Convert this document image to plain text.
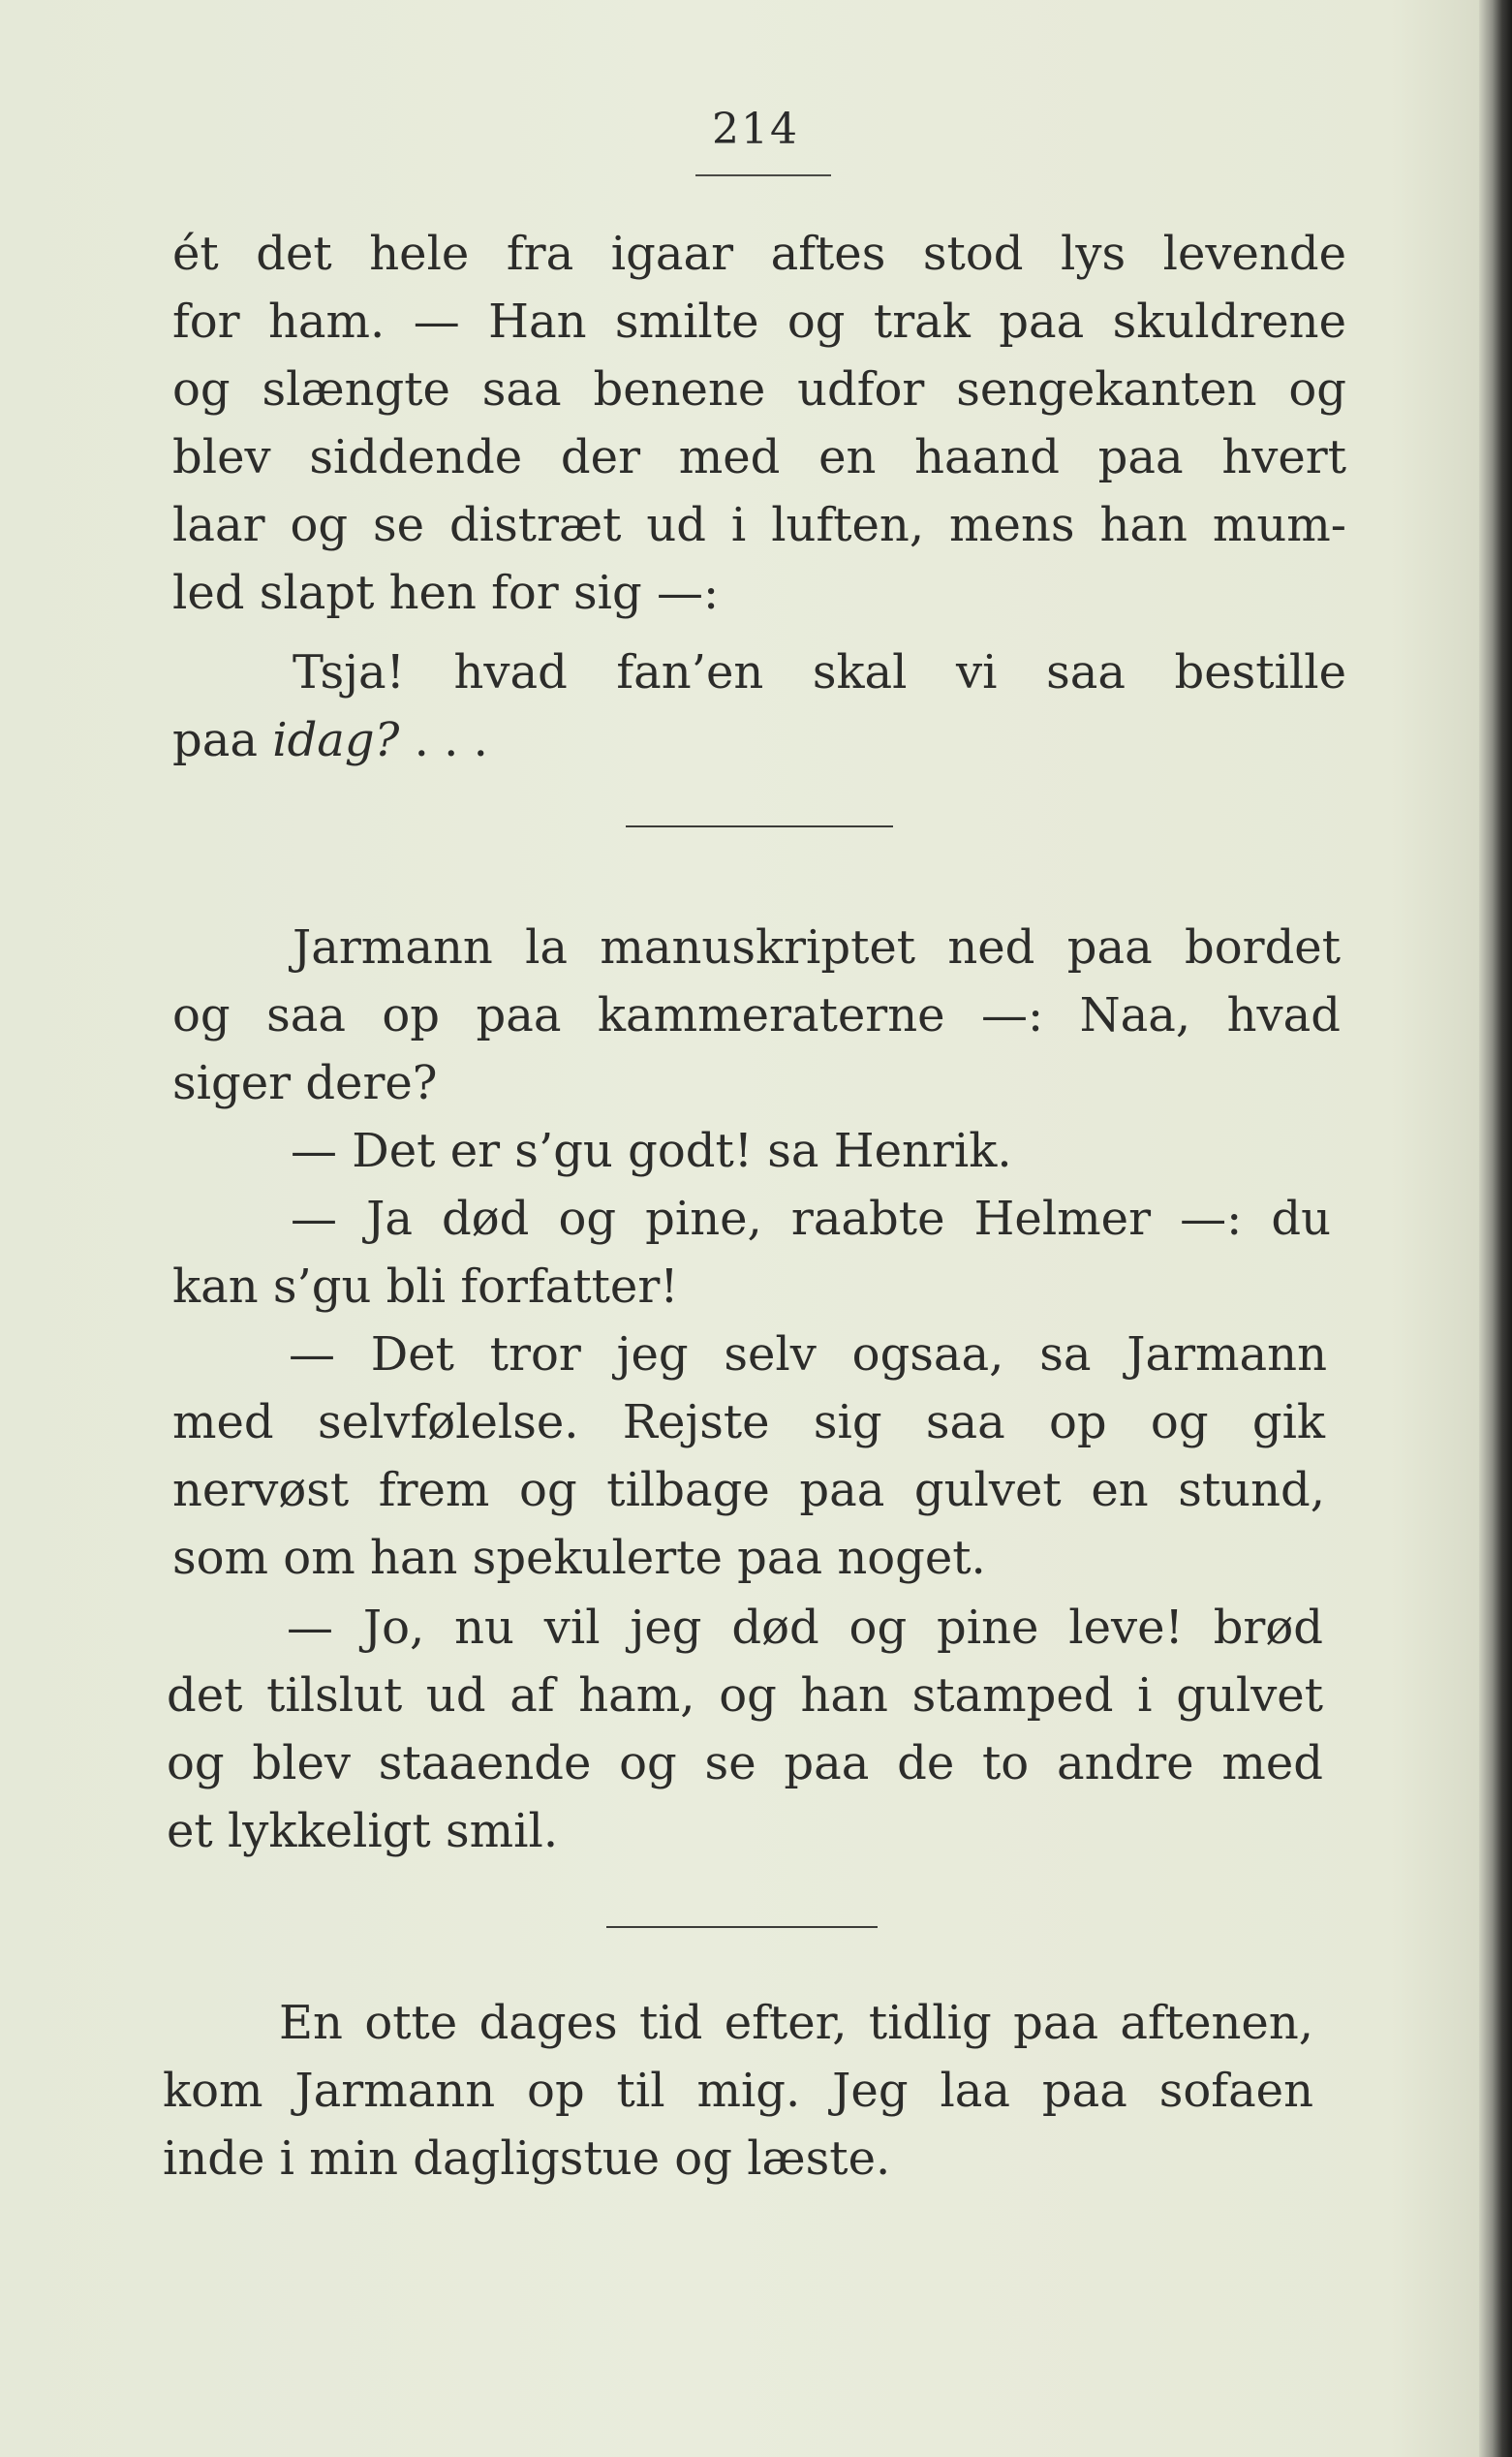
214
ét det hele fra igaar aftes stod lys levende
for ham. — Han smilte og trak paa skuldrene
og slængte saa benene udfor sengekanten og
blev siddende der med en haand paa hvert
laar og se distræt ud i luften, mens han mum-
led slapt hen for sig —:
Tsja! hvad fan’en skal vi saa bestille
paa idag? . . .
Jarmann la manuskriptet ned paa bordet
og saa op paa kammeraterne —: Naa, hvad
siger dere?
— Det er s’gu godt! sa Henrik.
— Ja død og pine, raabte Helmer —: du
kan s’gu bli forfatter!
— Det tror jeg selv ogsaa, sa Jarmann
med selvfølelse. Rejste sig saa op og gik
nervøst frem og tilbage paa gulvet en stund,
som om han spekulerte paa noget.
— Jo, nu vil jeg død og pine leve! brød
det tilslut ud af ham, og han stamped i gulvet
og blev staaende og se paa de to andre med
et lykkeligt smil.
En otte dages tid efter, tidlig paa aftenen,
kom Jarmann op til mig. Jeg laa paa sofaen
inde i min dagligstue og læste.
